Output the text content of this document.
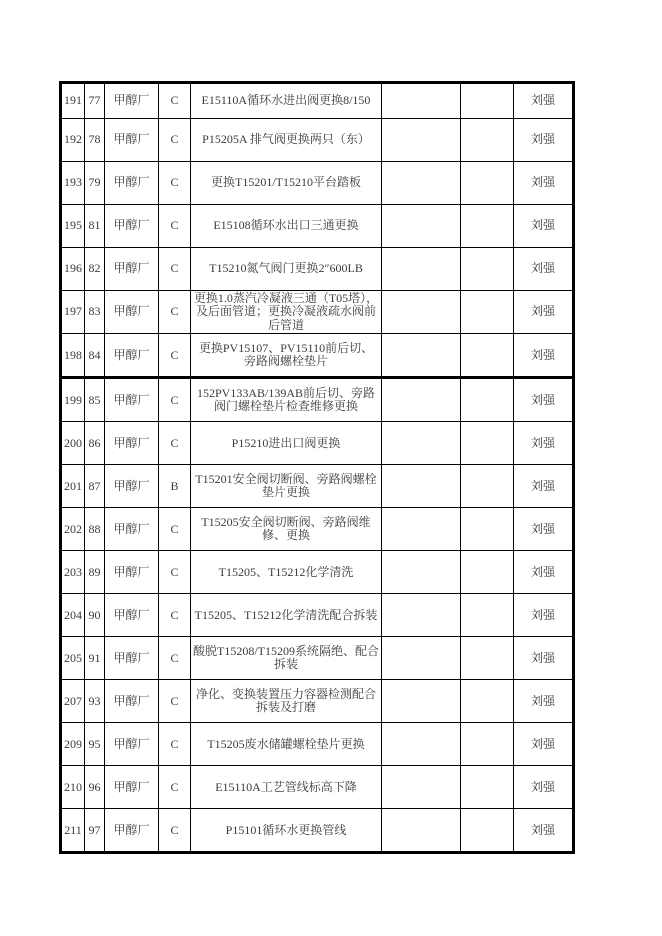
191	77	甲醇厂	C	E15110A循环水进出阀更换8/150			刘强
192	78	甲醇厂	C	P15205A 排气阀更换两只（东）			刘强
193	79	甲醇厂	C	更换T15201/T15210平台踏板			刘强
195	81	甲醇厂	C	E15108循环水出口三通更换			刘强
196	82	甲醇厂	C	T15210氮气阀门更换2″600LB			刘强
197	83	甲醇厂	C	更换1.0蒸汽冷凝液三通（T05塔），及后面管道；更换冷凝液疏水阀前后管道			刘强
198	84	甲醇厂	C	更换PV15107、PV15110前后切、旁路阀螺栓垫片			刘强
199	85	甲醇厂	C	152PV133AB/139AB前后切、旁路阀门螺栓垫片检查维修更换			刘强
200	86	甲醇厂	C	P15210进出口阀更换			刘强
201	87	甲醇厂	B	T15201安全阀切断阀、旁路阀螺栓垫片更换			刘强
202	88	甲醇厂	C	T15205安全阀切断阀、旁路阀维修、更换			刘强
203	89	甲醇厂	C	T15205、T15212化学清洗			刘强
204	90	甲醇厂	C	T15205、T15212化学清洗配合拆装			刘强
205	91	甲醇厂	C	酸脱T15208/T15209系统隔绝、配合拆装			刘强
207	93	甲醇厂	C	净化、变换装置压力容器检测配合拆装及打磨			刘强
209	95	甲醇厂	C	T15205废水储罐螺栓垫片更换			刘强
210	96	甲醇厂	C	E15110A工艺管线标高下降			刘强
211	97	甲醇厂	C	P15101循环水更换管线			刘强
